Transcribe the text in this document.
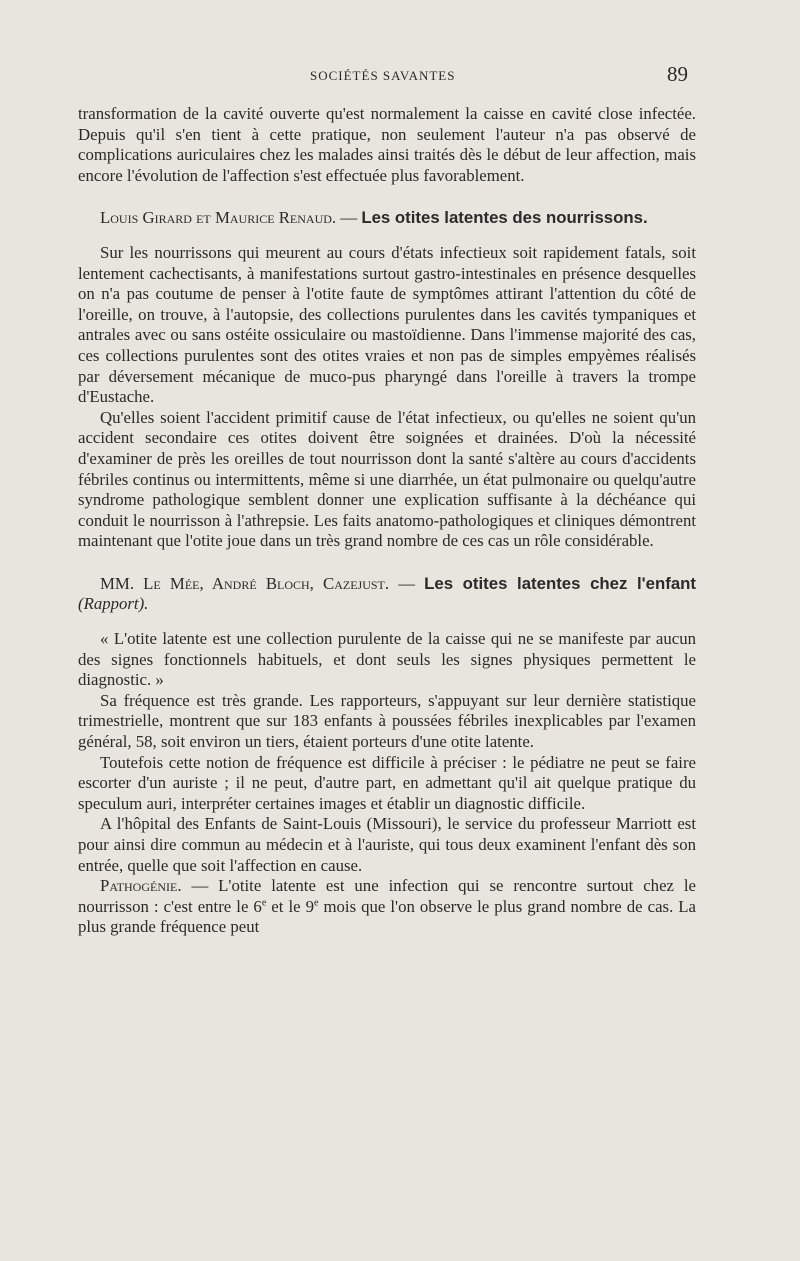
SOCIÉTÉS SAVANTES	89

transformation de la cavité ouverte qu'est normalement la caisse en cavité close infectée. Depuis qu'il s'en tient à cette pratique, non seulement l'auteur n'a pas observé de complications auriculaires chez les malades ainsi traités dès le début de leur affection, mais encore l'évolution de l'affection s'est effectuée plus favorablement.

Louis Girard et Maurice Renaud. — Les otites latentes des nourrissons.

Sur les nourrissons qui meurent au cours d'états infectieux soit rapidement fatals, soit lentement cachectisants, à manifestations surtout gastro-intestinales en présence desquelles on n'a pas coutume de penser à l'otite faute de symptômes attirant l'attention du côté de l'oreille, on trouve, à l'autopsie, des collections purulentes dans les cavités tympaniques et antrales avec ou sans ostéite ossiculaire ou mastoïdienne. Dans l'immense majorité des cas, ces collections purulentes sont des otites vraies et non pas de simples empyèmes réalisés par déversement mécanique de muco-pus pharyngé dans l'oreille à travers la trompe d'Eustache.

Qu'elles soient l'accident primitif cause de l'état infectieux, ou qu'elles ne soient qu'un accident secondaire ces otites doivent être soignées et drainées. D'où la nécessité d'examiner de près les oreilles de tout nourrisson dont la santé s'altère au cours d'accidents fébriles continus ou intermittents, même si une diarrhée, un état pulmonaire ou quelqu'autre syndrome pathologique semblent donner une explication suffisante à la déchéance qui conduit le nourrisson à l'athrepsie. Les faits anatomo-pathologiques et cliniques démontrent maintenant que l'otite joue dans un très grand nombre de ces cas un rôle considérable.

MM. Le Mée, André Bloch, Cazejust. — Les otites latentes chez l'enfant (Rapport).

« L'otite latente est une collection purulente de la caisse qui ne se manifeste par aucun des signes fonctionnels habituels, et dont seuls les signes physiques permettent le diagnostic. »

Sa fréquence est très grande. Les rapporteurs, s'appuyant sur leur dernière statistique trimestrielle, montrent que sur 183 enfants à poussées fébriles inexplicables par l'examen général, 58, soit environ un tiers, étaient porteurs d'une otite latente.

Toutefois cette notion de fréquence est difficile à préciser : le pédiatre ne peut se faire escorter d'un auriste ; il ne peut, d'autre part, en admettant qu'il ait quelque pratique du speculum auri, interpréter certaines images et établir un diagnostic difficile.

A l'hôpital des Enfants de Saint-Louis (Missouri), le service du professeur Marriott est pour ainsi dire commun au médecin et à l'auriste, qui tous deux examinent l'enfant dès son entrée, quelle que soit l'affection en cause.

Pathogénie. — L'otite latente est une infection qui se rencontre surtout chez le nourrisson : c'est entre le 6e et le 9e mois que l'on observe le plus grand nombre de cas. La plus grande fréquence peut
